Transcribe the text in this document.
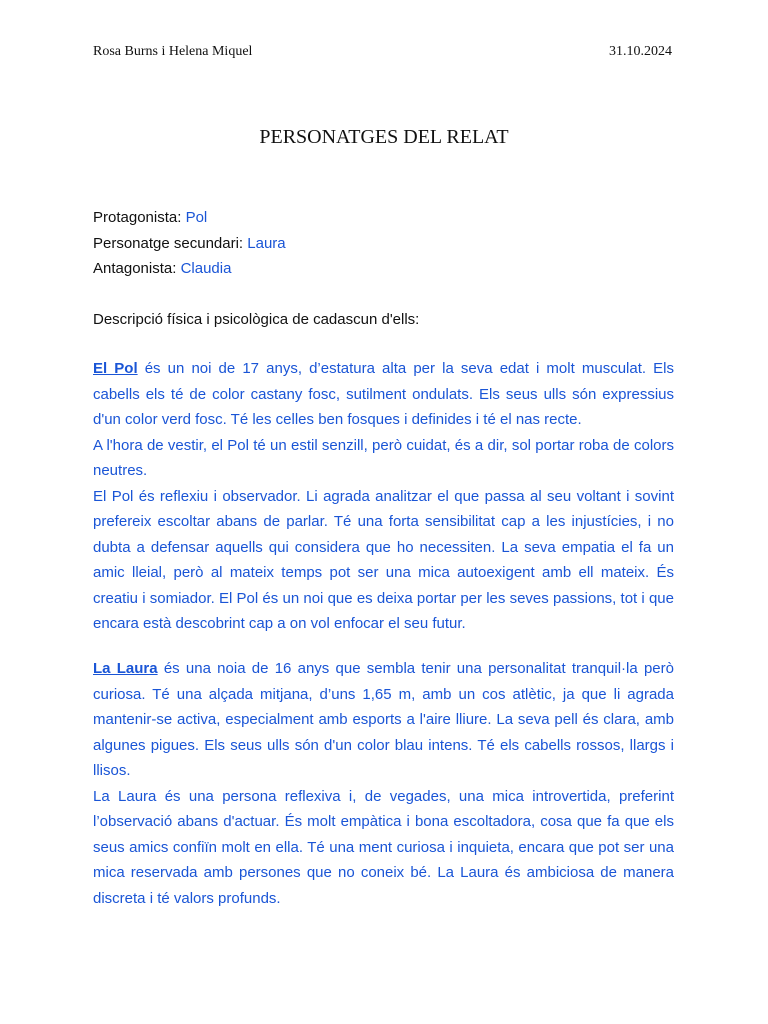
Rosa Burns i Helena Miquel	31.10.2024
PERSONATGES DEL RELAT

Protagonista: Pol

Personatge secundari: Laura

Antagonista: Claudia

Descripció física i psicològica de cadascun d'ells:

El Pol és un noi de 17 anys, d’estatura alta per la seva edat i molt musculat. Els cabells els té de color castany fosc, sutilment ondulats. Els seus ulls són expressius d'un color verd fosc. Té les celles ben fosques i definides i té el nas recte.

A l'hora de vestir, el Pol té un estil senzill, però cuidat, és a dir, sol portar roba de colors neutres.

El Pol és reflexiu i observador. Li agrada analitzar el que passa al seu voltant i sovint prefereix escoltar abans de parlar. Té una forta sensibilitat cap a les injustícies, i no dubta a defensar aquells qui considera que ho necessiten. La seva empatia el fa un amic lleial, però al mateix temps pot ser una mica autoexigent amb ell mateix. És creatiu i somiador. El Pol és un noi que es deixa portar per les seves passions, tot i que encara està descobrint cap a on vol enfocar el seu futur.

La Laura és una noia de 16 anys que sembla tenir una personalitat tranquil·la però curiosa. Té una alçada mitjana, d’uns 1,65 m, amb un cos atlètic, ja que li agrada mantenir-se activa, especialment amb esports a l'aire lliure. La seva pell és clara, amb algunes pigues. Els seus ulls són d'un color blau intens. Té els cabells rossos, llargs i llisos.

La Laura és una persona reflexiva i, de vegades, una mica introvertida, preferint l’observació abans d'actuar. És molt empàtica i bona escoltadora, cosa que fa que els seus amics confiïn molt en ella. Té una ment curiosa i inquieta, encara que pot ser una mica reservada amb persones que no coneix bé. La Laura és ambiciosa de manera discreta i té valors profunds.
